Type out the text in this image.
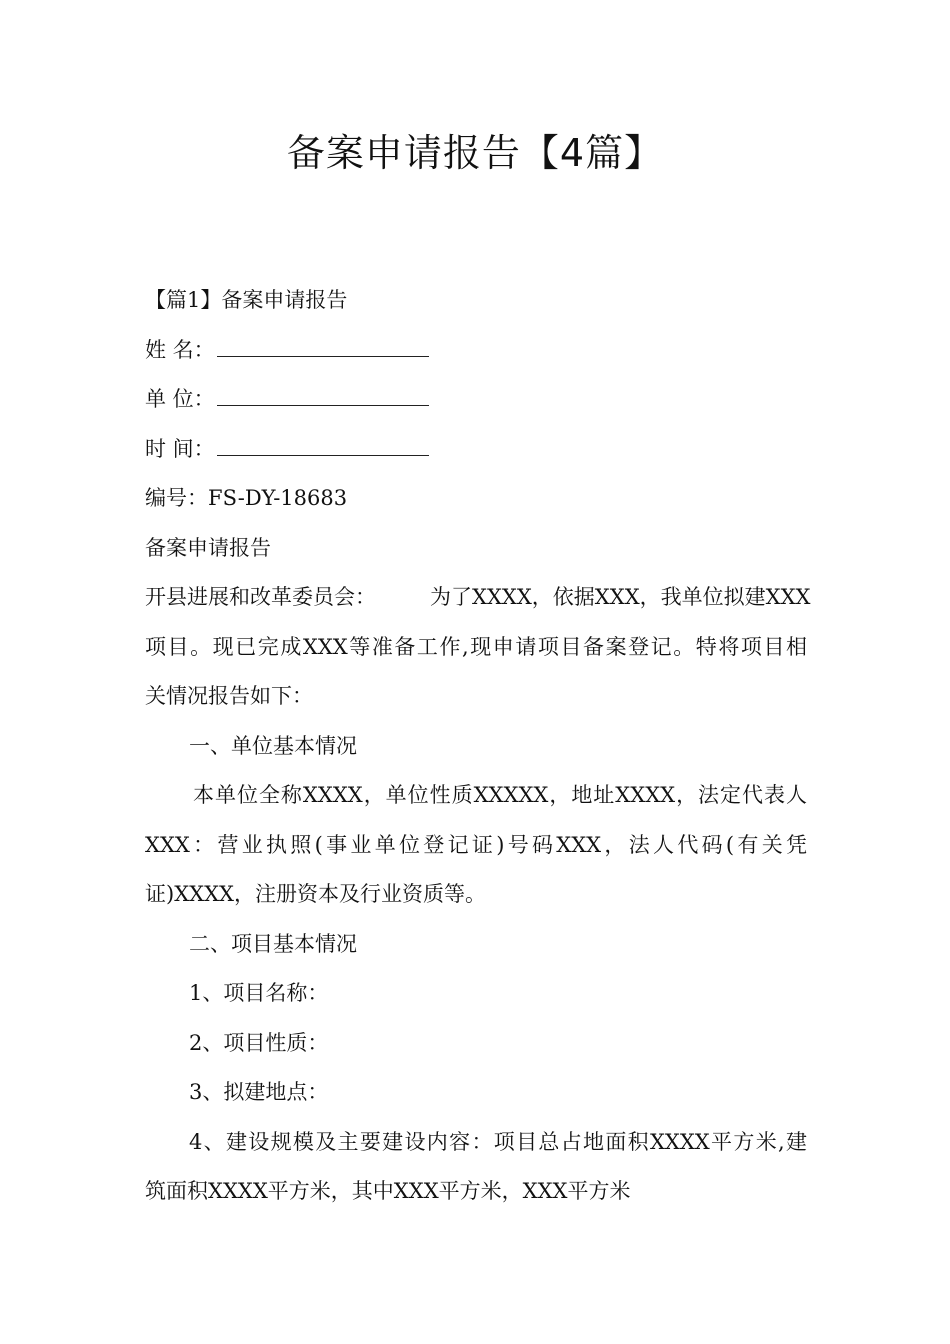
备案申请报告【4篇】
【篇1】备案申请报告
姓 名：
单 位：
时 间：
编号：FS-DY-18683
备案申请报告
开县进展和改革委员会：	为了XXXX，依据XXX，我单位拟建XXX
项目。现已完成XXX等准备工作,现申请项目备案登记。特将项目相
关情况报告如下：
一、单位基本情况
本单位全称XXXX，单位性质XXXXX，地址XXXX，法定代表人
XXX：营业执照(事业单位登记证)号码XXX，法人代码(有关凭
证)XXXX，注册资本及行业资质等。
二、项目基本情况
1、项目名称：
2、项目性质：
3、拟建地点：
4、建设规模及主要建设内容：项目总占地面积XXXX平方米,建
筑面积XXXX平方米，其中XXX平方米，XXX平方米
